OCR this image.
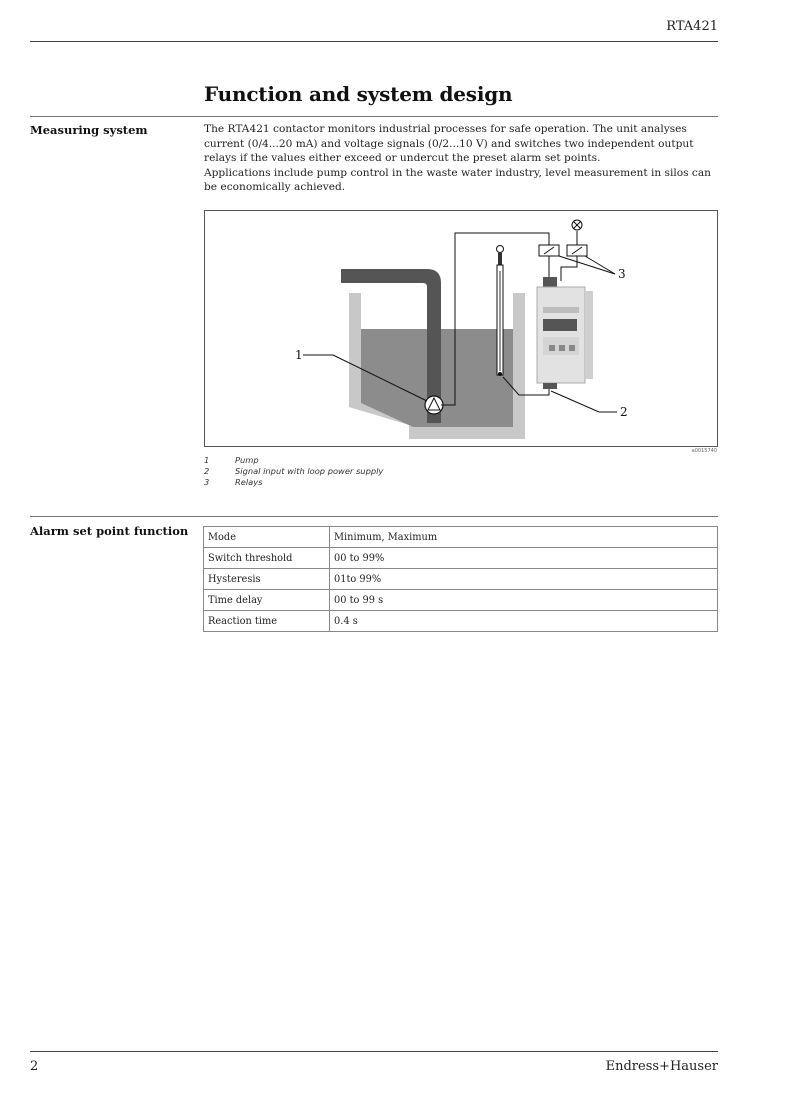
RTA421
Function and system design
Measuring system	The RTA421 contactor monitors industrial processes for safe operation. The unit analyses current (0/4...20 mA) and voltage signals (0/2...10 V) and switches two independent output relays if the values either exceed or undercut the preset alarm set points.

Applications include pump control in the waste water industry, level measurement in silos can be economically achieved.

1
2
3
a0015740
1	Pump
2	Signal input with loop power supply
3	Relays
Alarm set point function Mode	Minimum, Maximum
Switch threshold	00 to 99%
Hysteresis	01to 99%
Time delay	00 to 99 s
Reaction time	0.4 s
2	Endress+Hauser
